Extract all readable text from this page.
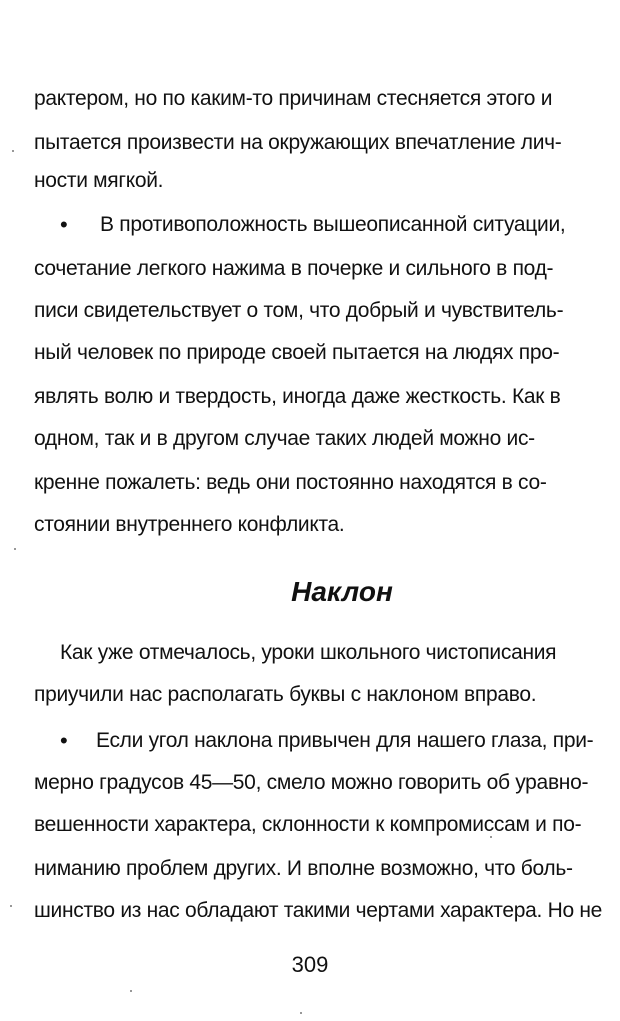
рактером, но по каким-то причинам стесняется этого и
пытается произвести на окружающих впечатление лич-
ности мягкой.
• В противоположность вышеописанной ситуации,
сочетание легкого нажима в почерке и сильного в под-
писи свидетельствует о том, что добрый и чувствитель-
ный человек по природе своей пытается на людях про-
являть волю и твердость, иногда даже жесткость. Как в
одном, так и в другом случае таких людей можно ис-
кренне пожалеть: ведь они постоянно находятся в со-
стоянии внутреннего конфликта.
Наклон
Как уже отмечалось, уроки школьного чистописания
приучили нас располагать буквы с наклоном вправо.
• Если угол наклона привычен для нашего глаза, при-
мерно градусов 45—50, смело можно говорить об уравно-
вешенности характера, склонности к компромиссам и по-
ниманию проблем других. И вполне возможно, что боль-
шинство из нас обладают такими чертами характера. Но не
309
